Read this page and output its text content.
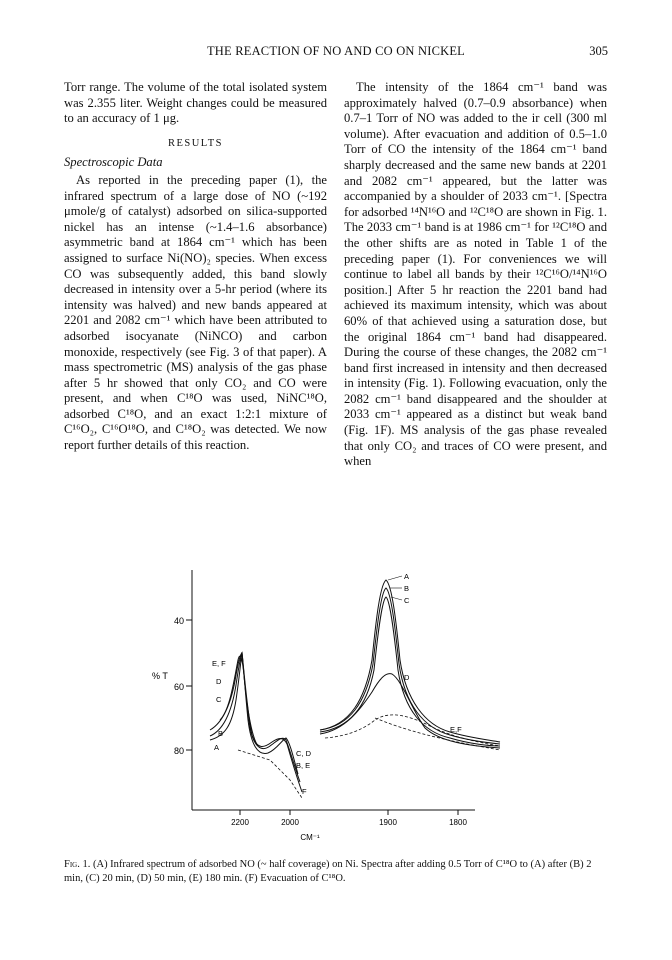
THE REACTION OF NO AND CO ON NICKEL	305

Torr range. The volume of the total isolated system was 2.355 liter. Weight changes could be measured to an accuracy of 1 μg.

RESULTS
Spectroscopic Data

As reported in the preceding paper (1), the infrared spectrum of a large dose of NO (~192 μmole/g of catalyst) adsorbed on silica-supported nickel has an intense (~1.4–1.6 absorbance) asymmetric band at 1864 cm⁻¹ which has been assigned to surface Ni(NO)₂ species. When excess CO was subsequently added, this band slowly decreased in intensity over a 5-hr period (where its intensity was halved) and new bands appeared at 2201 and 2082 cm⁻¹ which have been attributed to adsorbed isocyanate (NiNCO) and carbon monoxide, respectively (see Fig. 3 of that paper). A mass spectrometric (MS) analysis of the gas phase after 5 hr showed that only CO₂ and CO were present, and when C¹⁸O was used, NiNC¹⁸O, adsorbed C¹⁸O, and an exact 1:2:1 mixture of C¹⁶O₂, C¹⁶O¹⁸O, and C¹⁸O₂ was detected. We now report further details of this reaction.

The intensity of the 1864 cm⁻¹ band was approximately halved (0.7–0.9 absorbance) when 0.7–1 Torr of NO was added to the ir cell (300 ml volume). After evacuation and addition of 0.5–1.0 Torr of CO the intensity of the 1864 cm⁻¹ band sharply decreased and the same new bands at 2201 and 2082 cm⁻¹ appeared, but the latter was accompanied by a shoulder of 2033 cm⁻¹. [Spectra for adsorbed ¹⁴N¹⁶O and ¹²C¹⁸O are shown in Fig. 1. The 2033 cm⁻¹ band is at 1986 cm⁻¹ for ¹²C¹⁸O and the other shifts are as noted in Table 1 of the preceding paper (1). For conveniences we will continue to label all bands by their ¹²C¹⁶O/¹⁴N¹⁶O position.] After 5 hr reaction the 2201 band had achieved its maximum intensity, which was about 60% of that achieved using a saturation dose, but the original 1864 cm⁻¹ band had disappeared. During the course of these changes, the 2082 cm⁻¹ band first increased in intensity and then decreased in intensity (Fig. 1). Following evacuation, only the 2082 cm⁻¹ band disappeared and the shoulder at 2033 cm⁻¹ appeared as a distinct but weak band (Fig. 1F). MS analysis of the gas phase revealed that only CO₂ and traces of CO were present, and when

40
60
80
% T
2200	2000	1900	1800
CM⁻¹
E, F
D
C
B
A
C, D
B, E
F
A
B
C
D
E,F
Fig. 1. (A) Infrared spectrum of adsorbed NO (~ half coverage) on Ni. Spectra after adding 0.5 Torr of C¹⁸O to (A) after (B) 2 min, (C) 20 min, (D) 50 min, (E) 180 min. (F) Evacuation of C¹⁸O.
